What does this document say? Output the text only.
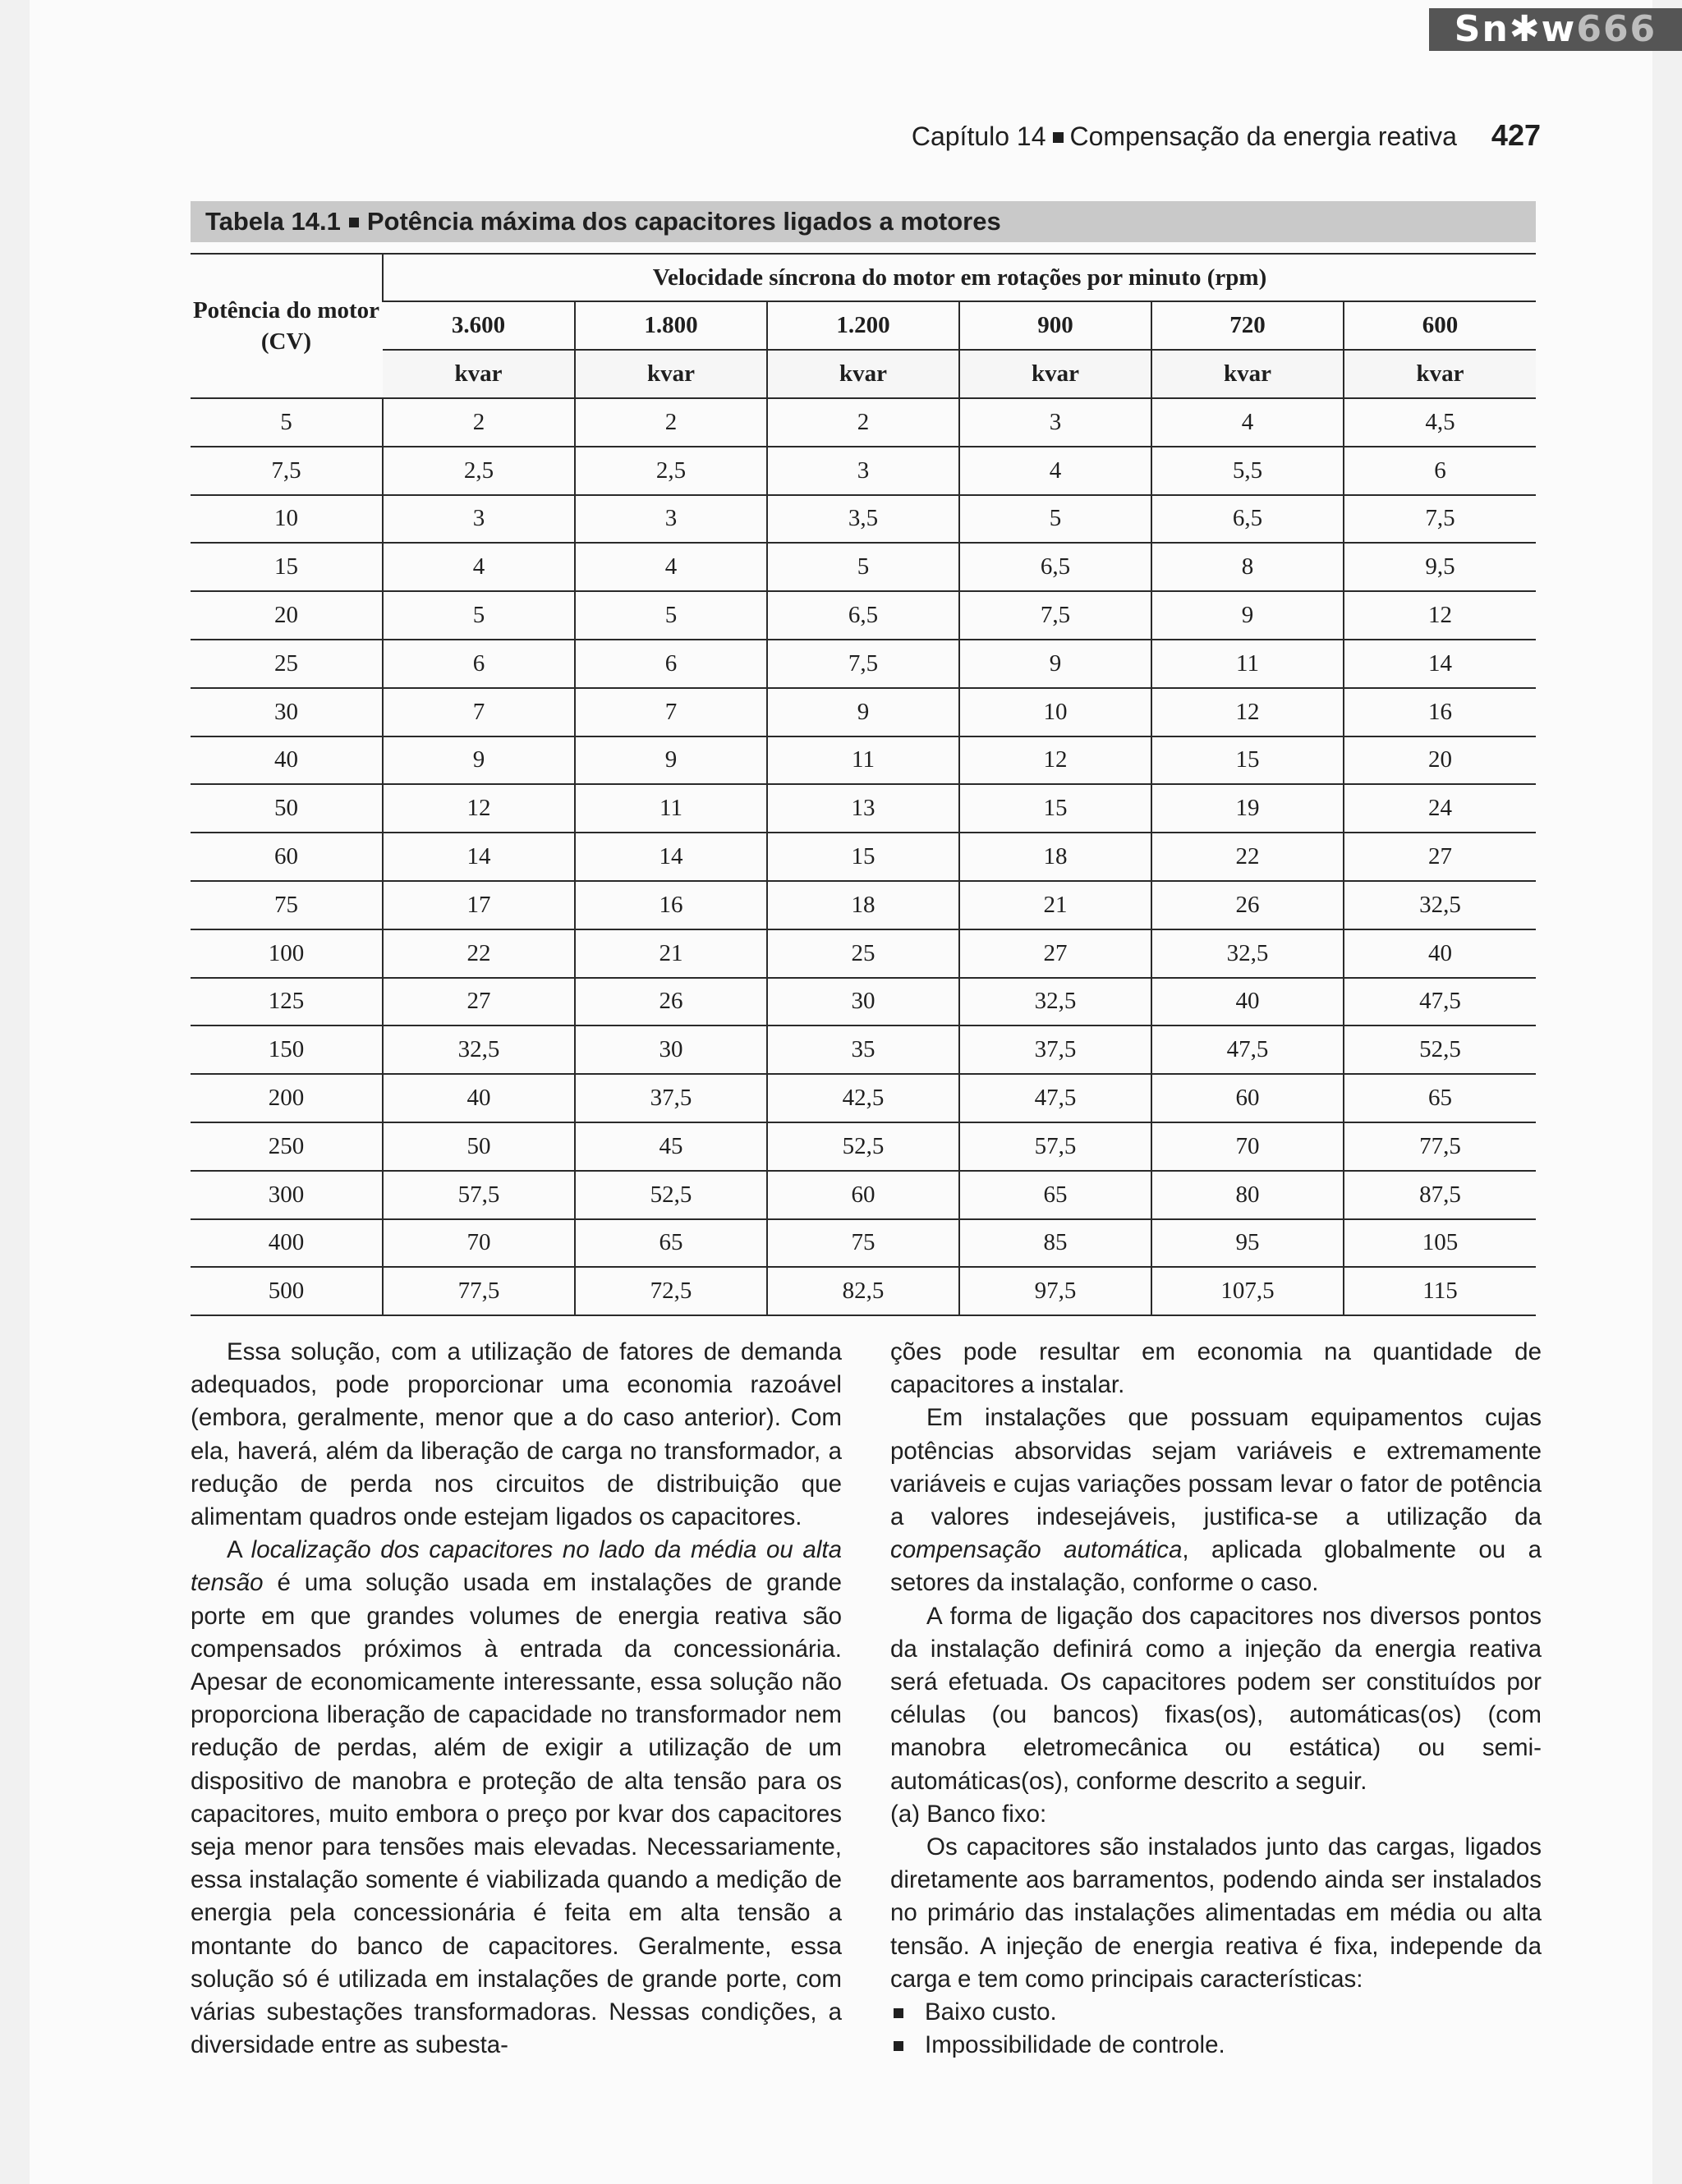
Sn✱w666
Capítulo 14 Compensação da energia reativa 427
Tabela 14.1 Potência máxima dos capacitores ligados a motores
Potência do motor (CV)	Velocidade síncrona do motor em rotações por minuto (rpm)					
	3.600	1.800	1.200	900	720	600
	kvar	kvar	kvar	kvar	kvar	kvar
5	2	2	2	3	4	4,5
7,5	2,5	2,5	3	4	5,5	6
10	3	3	3,5	5	6,5	7,5
15	4	4	5	6,5	8	9,5
20	5	5	6,5	7,5	9	12
25	6	6	7,5	9	11	14
30	7	7	9	10	12	16
40	9	9	11	12	15	20
50	12	11	13	15	19	24
60	14	14	15	18	22	27
75	17	16	18	21	26	32,5
100	22	21	25	27	32,5	40
125	27	26	30	32,5	40	47,5
150	32,5	30	35	37,5	47,5	52,5
200	40	37,5	42,5	47,5	60	65
250	50	45	52,5	57,5	70	77,5
300	57,5	52,5	60	65	80	87,5
400	70	65	75	85	95	105
500	77,5	72,5	82,5	97,5	107,5	115

Essa solução, com a utilização de fatores de demanda adequados, pode proporcionar uma economia razoável (embora, geralmente, menor que a do caso anterior). Com ela, haverá, além da liberação de carga no transformador, a redução de perda nos circuitos de distribuição que alimentam quadros onde estejam ligados os capacitores.

A localização dos capacitores no lado da média ou alta tensão é uma solução usada em instalações de grande porte em que grandes volumes de energia reativa são compensados próximos à entrada da concessionária. Apesar de economicamente interessante, essa solução não proporciona liberação de capacidade no transformador nem redução de perdas, além de exigir a utilização de um dispositivo de manobra e proteção de alta tensão para os capacitores, muito embora o preço por kvar dos capacitores seja menor para tensões mais elevadas. Necessariamente, essa instalação somente é viabilizada quando a medição de energia pela concessionária é feita em alta tensão a montante do banco de capacitores. Geralmente, essa solução só é utilizada em instalações de grande porte, com várias subestações transformadoras. Nessas condições, a diversidade entre as subesta-

ções pode resultar em economia na quantidade de capacitores a instalar.

Em instalações que possuam equipamentos cujas potências absorvidas sejam variáveis e extremamente variáveis e cujas variações possam levar o fator de potência a valores indesejáveis, justifica-se a utilização da compensação automática, aplicada globalmente ou a setores da instalação, conforme o caso.

A forma de ligação dos capacitores nos diversos pontos da instalação definirá como a injeção da energia reativa será efetuada. Os capacitores podem ser constituídos por células (ou bancos) fixas(os), automáticas(os) (com manobra eletromecânica ou estática) ou semi-automáticas(os), conforme descrito a seguir.

(a) Banco fixo:

Os capacitores são instalados junto das cargas, ligados diretamente aos barramentos, podendo ainda ser instalados no primário das instalações alimentadas em média ou alta tensão. A injeção de energia reativa é fixa, independe da carga e tem como principais características:

Baixo custo.
Impossibilidade de controle.
